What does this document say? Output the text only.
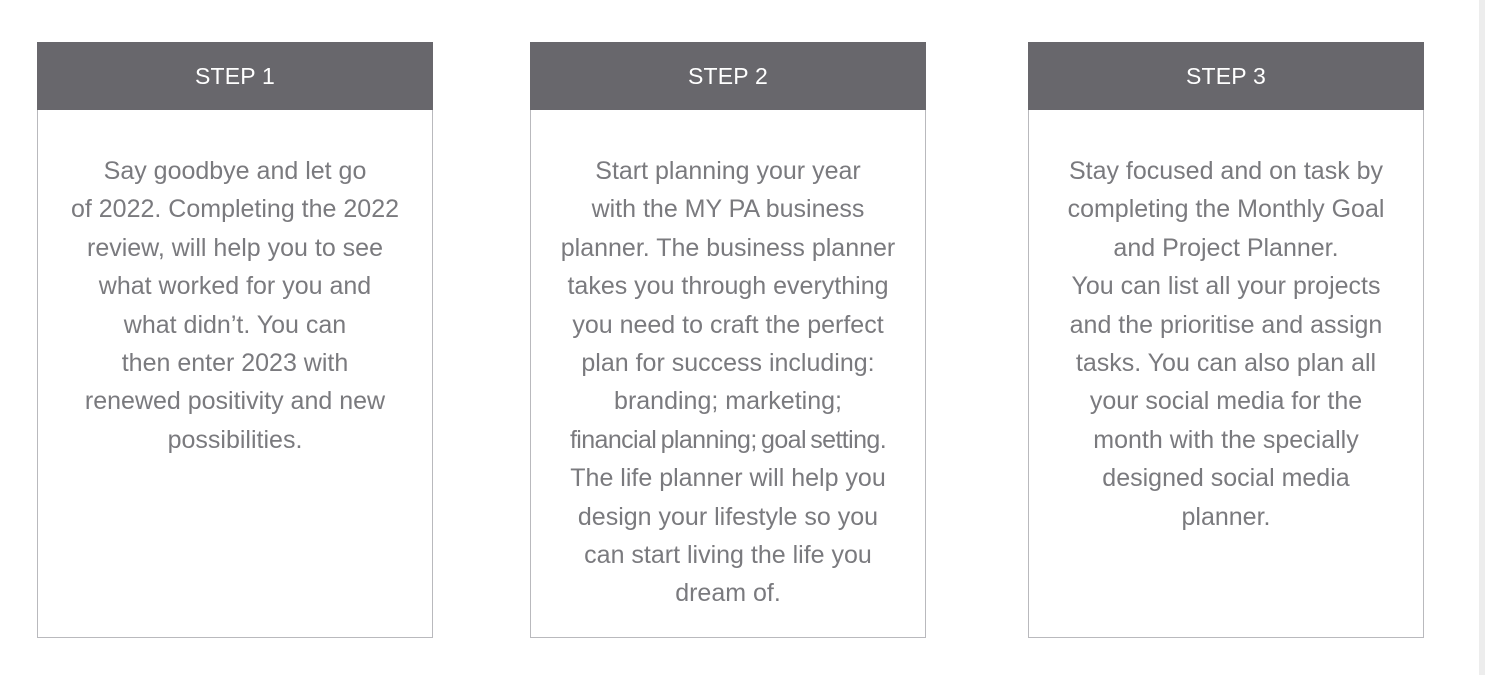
STEP 1
Say goodbye and let go
of 2022. Completing the 2022
review, will help you to see
what worked for you and
what didn’t. You can
then enter 2023 with
renewed positivity and new
possibilities.
STEP 2
Start planning your year
with the MY PA business
planner. The business planner
takes you through everything
you need to craft the perfect
plan for success including:
branding; marketing;
financial planning; goal setting.
The life planner will help you
design your lifestyle so you
can start living the life you
dream of.
STEP 3
Stay focused and on task by
completing the Monthly Goal
and Project Planner.
You can list all your projects
and the prioritise and assign
tasks. You can also plan all
your social media for the
month with the specially
designed social media
planner.
